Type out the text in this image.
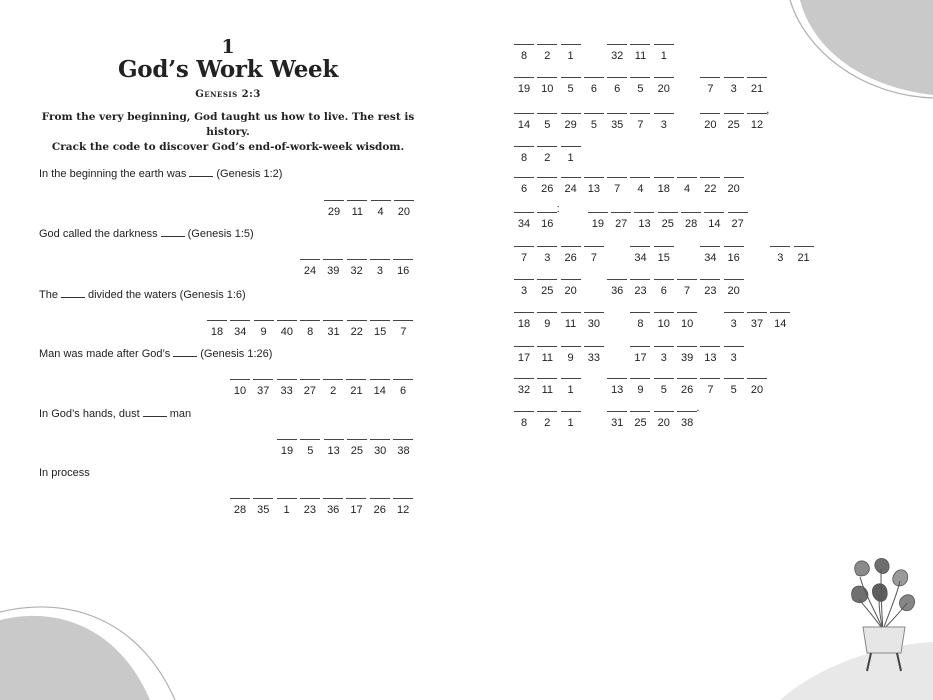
1
God’s Work Week
Genesis 2:3
From the very beginning, God taught us how to live. The rest is history.
Crack the code to discover God’s end-of-work-week wisdom.
In the beginning the earth was	(Genesis 1:2)
29	11	4	20
God called the darkness	(Genesis 1:5)
24	39	32	3	16
The	divided the waters (Genesis 1:6)
18	34	9	40	8	31	22	15	7
Man was made after God’s	(Genesis 1:26)
10	37	33	27	2	21	14	6
In God’s hands, dust	man
19	5	13	25	30	38
In process
28	35	1	23	36	17	26	12
8	2	1	32	11	1
19	10	5	6	6	5	20	7	3	21
14	5	29	5	35	7	3	20	25	12
,
8	2	1
6	26	24	13	7	4	18	4	22	20
34	16
:
19	27	13	25	28	14	27
7	3	26	7	34	15	34	16	3	21
3	25	20	36	23	6	7	23	20
18	9	11	30	8	10	10	3	37	14
17	11	9	33	17	3	39	13	3
32	11	1	13	9	5	26	7	5	20
8	2	1	31	25	20	38
.
